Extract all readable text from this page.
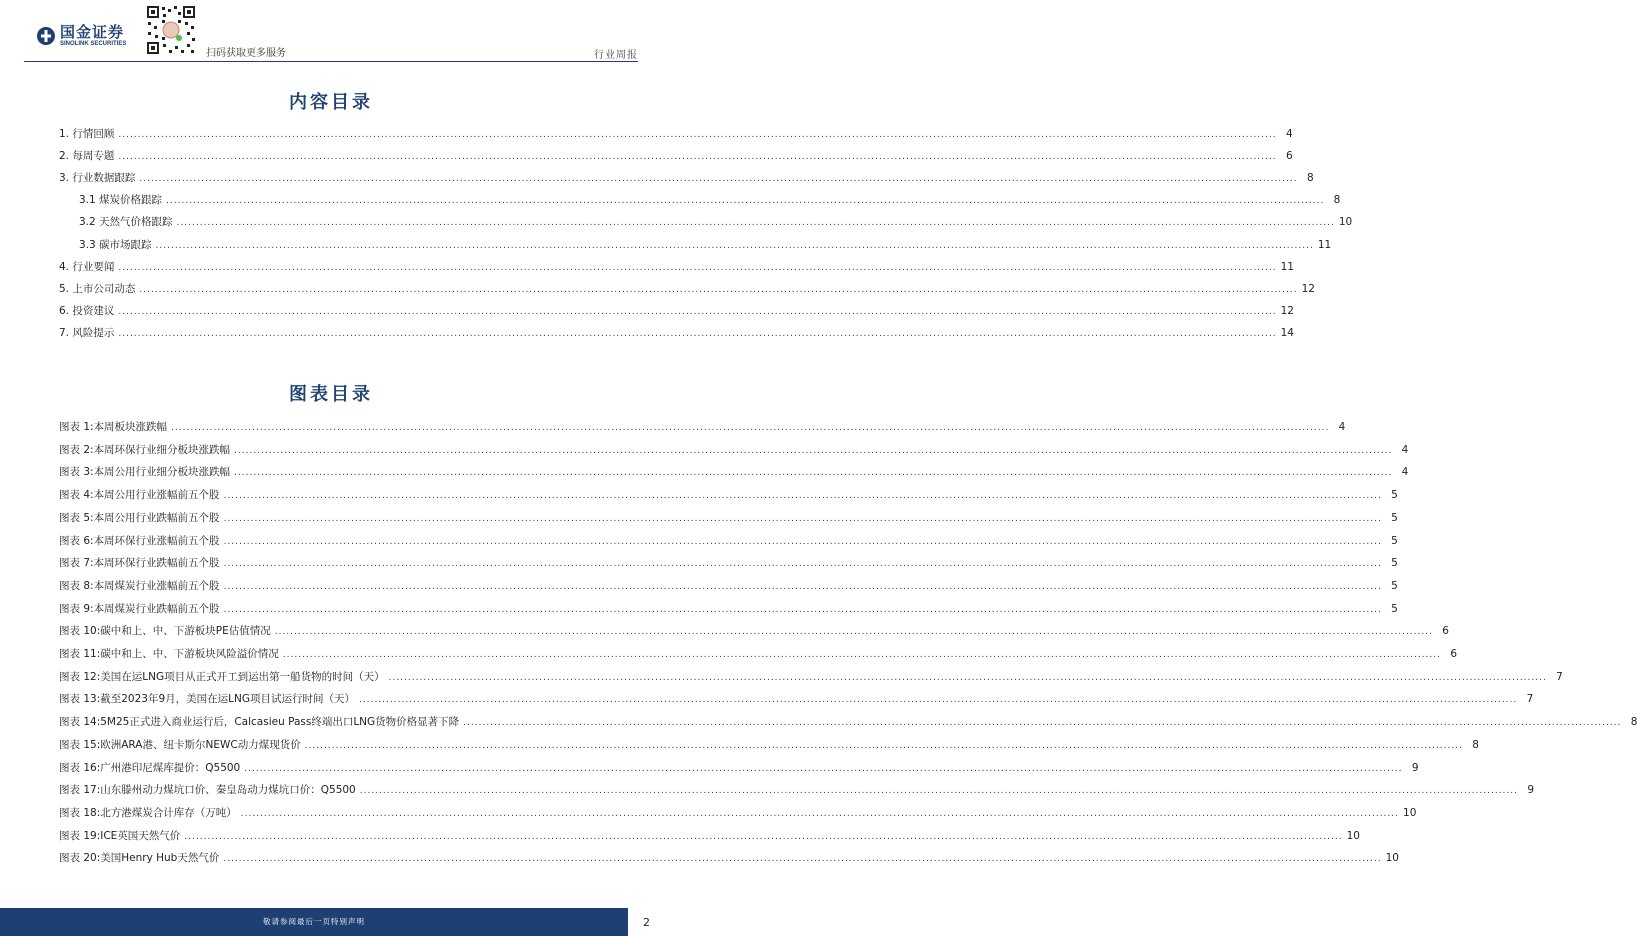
国金证券
SINOLINK SECURITIES
扫码获取更多服务	行业周报
内容目录
1. 行情回顾 ............................................................................................................................................................................................................................................................................................................ 4
2. 每周专题 ............................................................................................................................................................................................................................................................................................................ 6
3. 行业数据跟踪 ............................................................................................................................................................................................................................................................................................................ 8
3.1 煤炭价格跟踪 ............................................................................................................................................................................................................................................................................................................ 8
3.2 天然气价格跟踪 ............................................................................................................................................................................................................................................................................................................ 10
3.3 碳市场跟踪 ............................................................................................................................................................................................................................................................................................................ 11
4. 行业要闻 ............................................................................................................................................................................................................................................................................................................ 11
5. 上市公司动态 ............................................................................................................................................................................................................................................................................................................ 12
6. 投资建议 ............................................................................................................................................................................................................................................................................................................ 12
7. 风险提示 ............................................................................................................................................................................................................................................................................................................ 14
图表目录
图表 1: 本周板块涨跌幅 ............................................................................................................................................................................................................................................................................................................ 4
图表 2: 本周环保行业细分板块涨跌幅 ............................................................................................................................................................................................................................................................................................................ 4
图表 3: 本周公用行业细分板块涨跌幅 ............................................................................................................................................................................................................................................................................................................ 4
图表 4: 本周公用行业涨幅前五个股 ............................................................................................................................................................................................................................................................................................................ 5
图表 5: 本周公用行业跌幅前五个股 ............................................................................................................................................................................................................................................................................................................ 5
图表 6: 本周环保行业涨幅前五个股 ............................................................................................................................................................................................................................................................................................................ 5
图表 7: 本周环保行业跌幅前五个股 ............................................................................................................................................................................................................................................................................................................ 5
图表 8: 本周煤炭行业涨幅前五个股 ............................................................................................................................................................................................................................................................................................................ 5
图表 9: 本周煤炭行业跌幅前五个股 ............................................................................................................................................................................................................................................................................................................ 5
图表 10: 碳中和上、中、下游板块PE估值情况 ............................................................................................................................................................................................................................................................................................................ 6
图表 11: 碳中和上、中、下游板块风险溢价情况 ............................................................................................................................................................................................................................................................................................................ 6
图表 12: 美国在运LNG项目从正式开工到运出第一船货物的时间（天） ............................................................................................................................................................................................................................................................................................................ 7
图表 13: 截至2023年9月，美国在运LNG项目试运行时间（天） ............................................................................................................................................................................................................................................................................................................ 7
图表 14: 5M25正式进入商业运行后，Calcasieu Pass终端出口LNG货物价格显著下降 ............................................................................................................................................................................................................................................................................................................ 8
图表 15: 欧洲ARA港、纽卡斯尔NEWC动力煤现货价 ............................................................................................................................................................................................................................................................................................................ 8
图表 16: 广州港印尼煤库提价：Q5500 ............................................................................................................................................................................................................................................................................................................ 9
图表 17: 山东滕州动力煤坑口价、秦皇岛动力煤坑口价：Q5500 ............................................................................................................................................................................................................................................................................................................ 9
图表 18: 北方港煤炭合计库存（万吨） ............................................................................................................................................................................................................................................................................................................ 10
图表 19: ICE英国天然气价 ............................................................................................................................................................................................................................................................................................................ 10
图表 20: 美国Henry Hub天然气价 ............................................................................................................................................................................................................................................................................................................ 10
敬请参阅最后一页特别声明	2
